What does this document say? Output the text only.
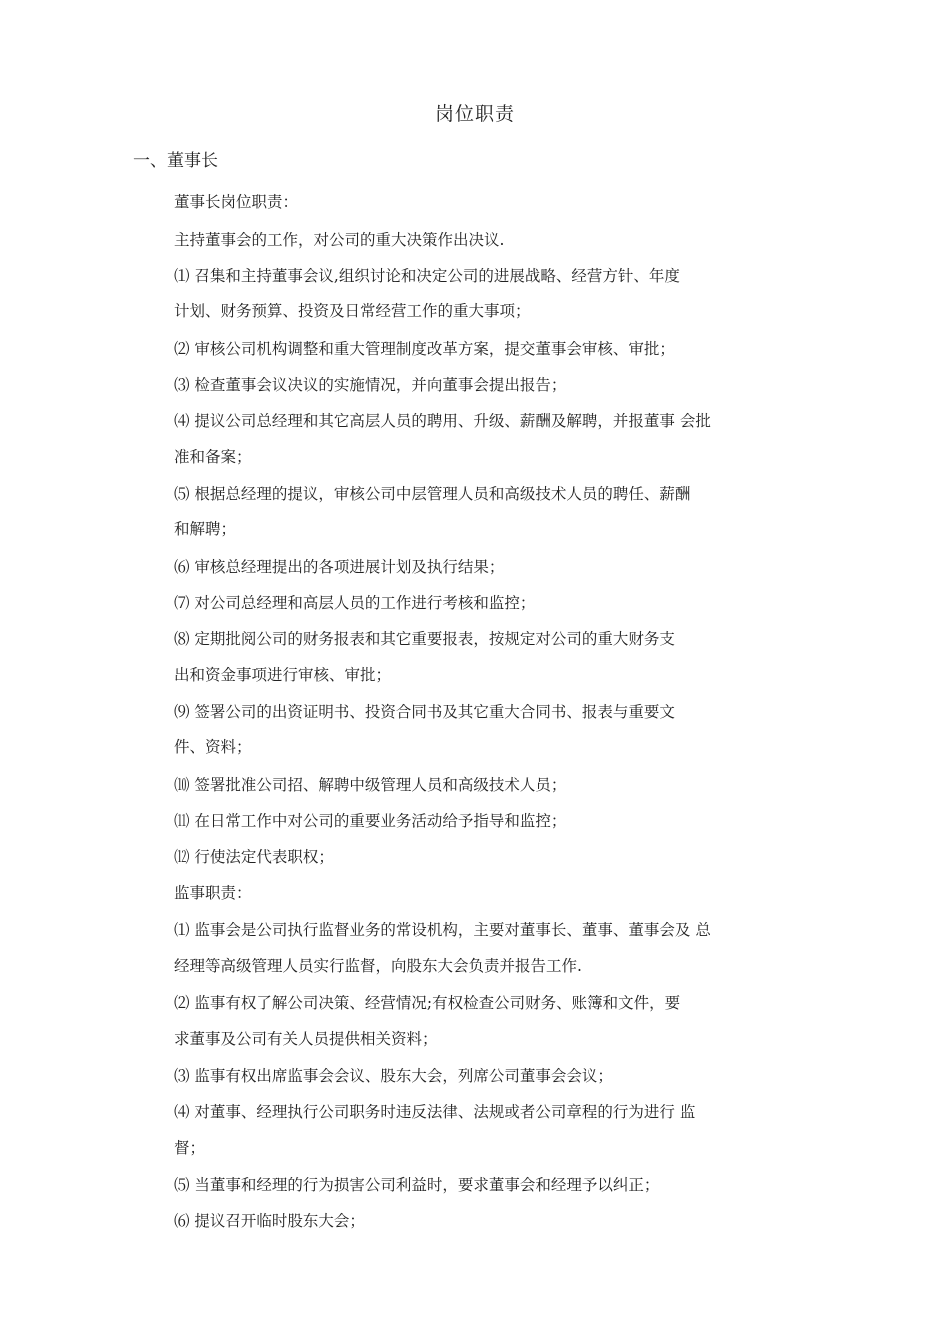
岗位职责
一、董事长
董事长岗位职责：
主持董事会的工作，对公司的重大决策作出决议.
⑴ 召集和主持董事会议,组织讨论和决定公司的进展战略、经营方针、年度
计划、财务预算、投资及日常经营工作的重大事项；
⑵ 审核公司机构调整和重大管理制度改革方案，提交董事会审核、审批；
⑶ 检查董事会议决议的实施情况，并向董事会提出报告；
⑷ 提议公司总经理和其它高层人员的聘用、升级、薪酬及解聘，并报董事 会批
准和备案；
⑸ 根据总经理的提议，审核公司中层管理人员和高级技术人员的聘任、薪酬
和解聘；
⑹ 审核总经理提出的各项进展计划及执行结果；
⑺ 对公司总经理和高层人员的工作进行考核和监控；
⑻ 定期批阅公司的财务报表和其它重要报表，按规定对公司的重大财务支
出和资金事项进行审核、审批；
⑼ 签署公司的出资证明书、投资合同书及其它重大合同书、报表与重要文
件、资料；
⑽ 签署批准公司招、解聘中级管理人员和高级技术人员；
⑾ 在日常工作中对公司的重要业务活动给予指导和监控；
⑿ 行使法定代表职权；
监事职责：
⑴ 监事会是公司执行监督业务的常设机构，主要对董事长、董事、董事会及 总
经理等高级管理人员实行监督，向股东大会负责并报告工作.
⑵ 监事有权了解公司决策、经营情况;有权检查公司财务、账簿和文件，要
求董事及公司有关人员提供相关资料；
⑶ 监事有权出席监事会会议、股东大会，列席公司董事会会议；
⑷ 对董事、经理执行公司职务时违反法律、法规或者公司章程的行为进行 监
督；
⑸ 当董事和经理的行为损害公司利益时，要求董事会和经理予以纠正；
⑹ 提议召开临时股东大会；
